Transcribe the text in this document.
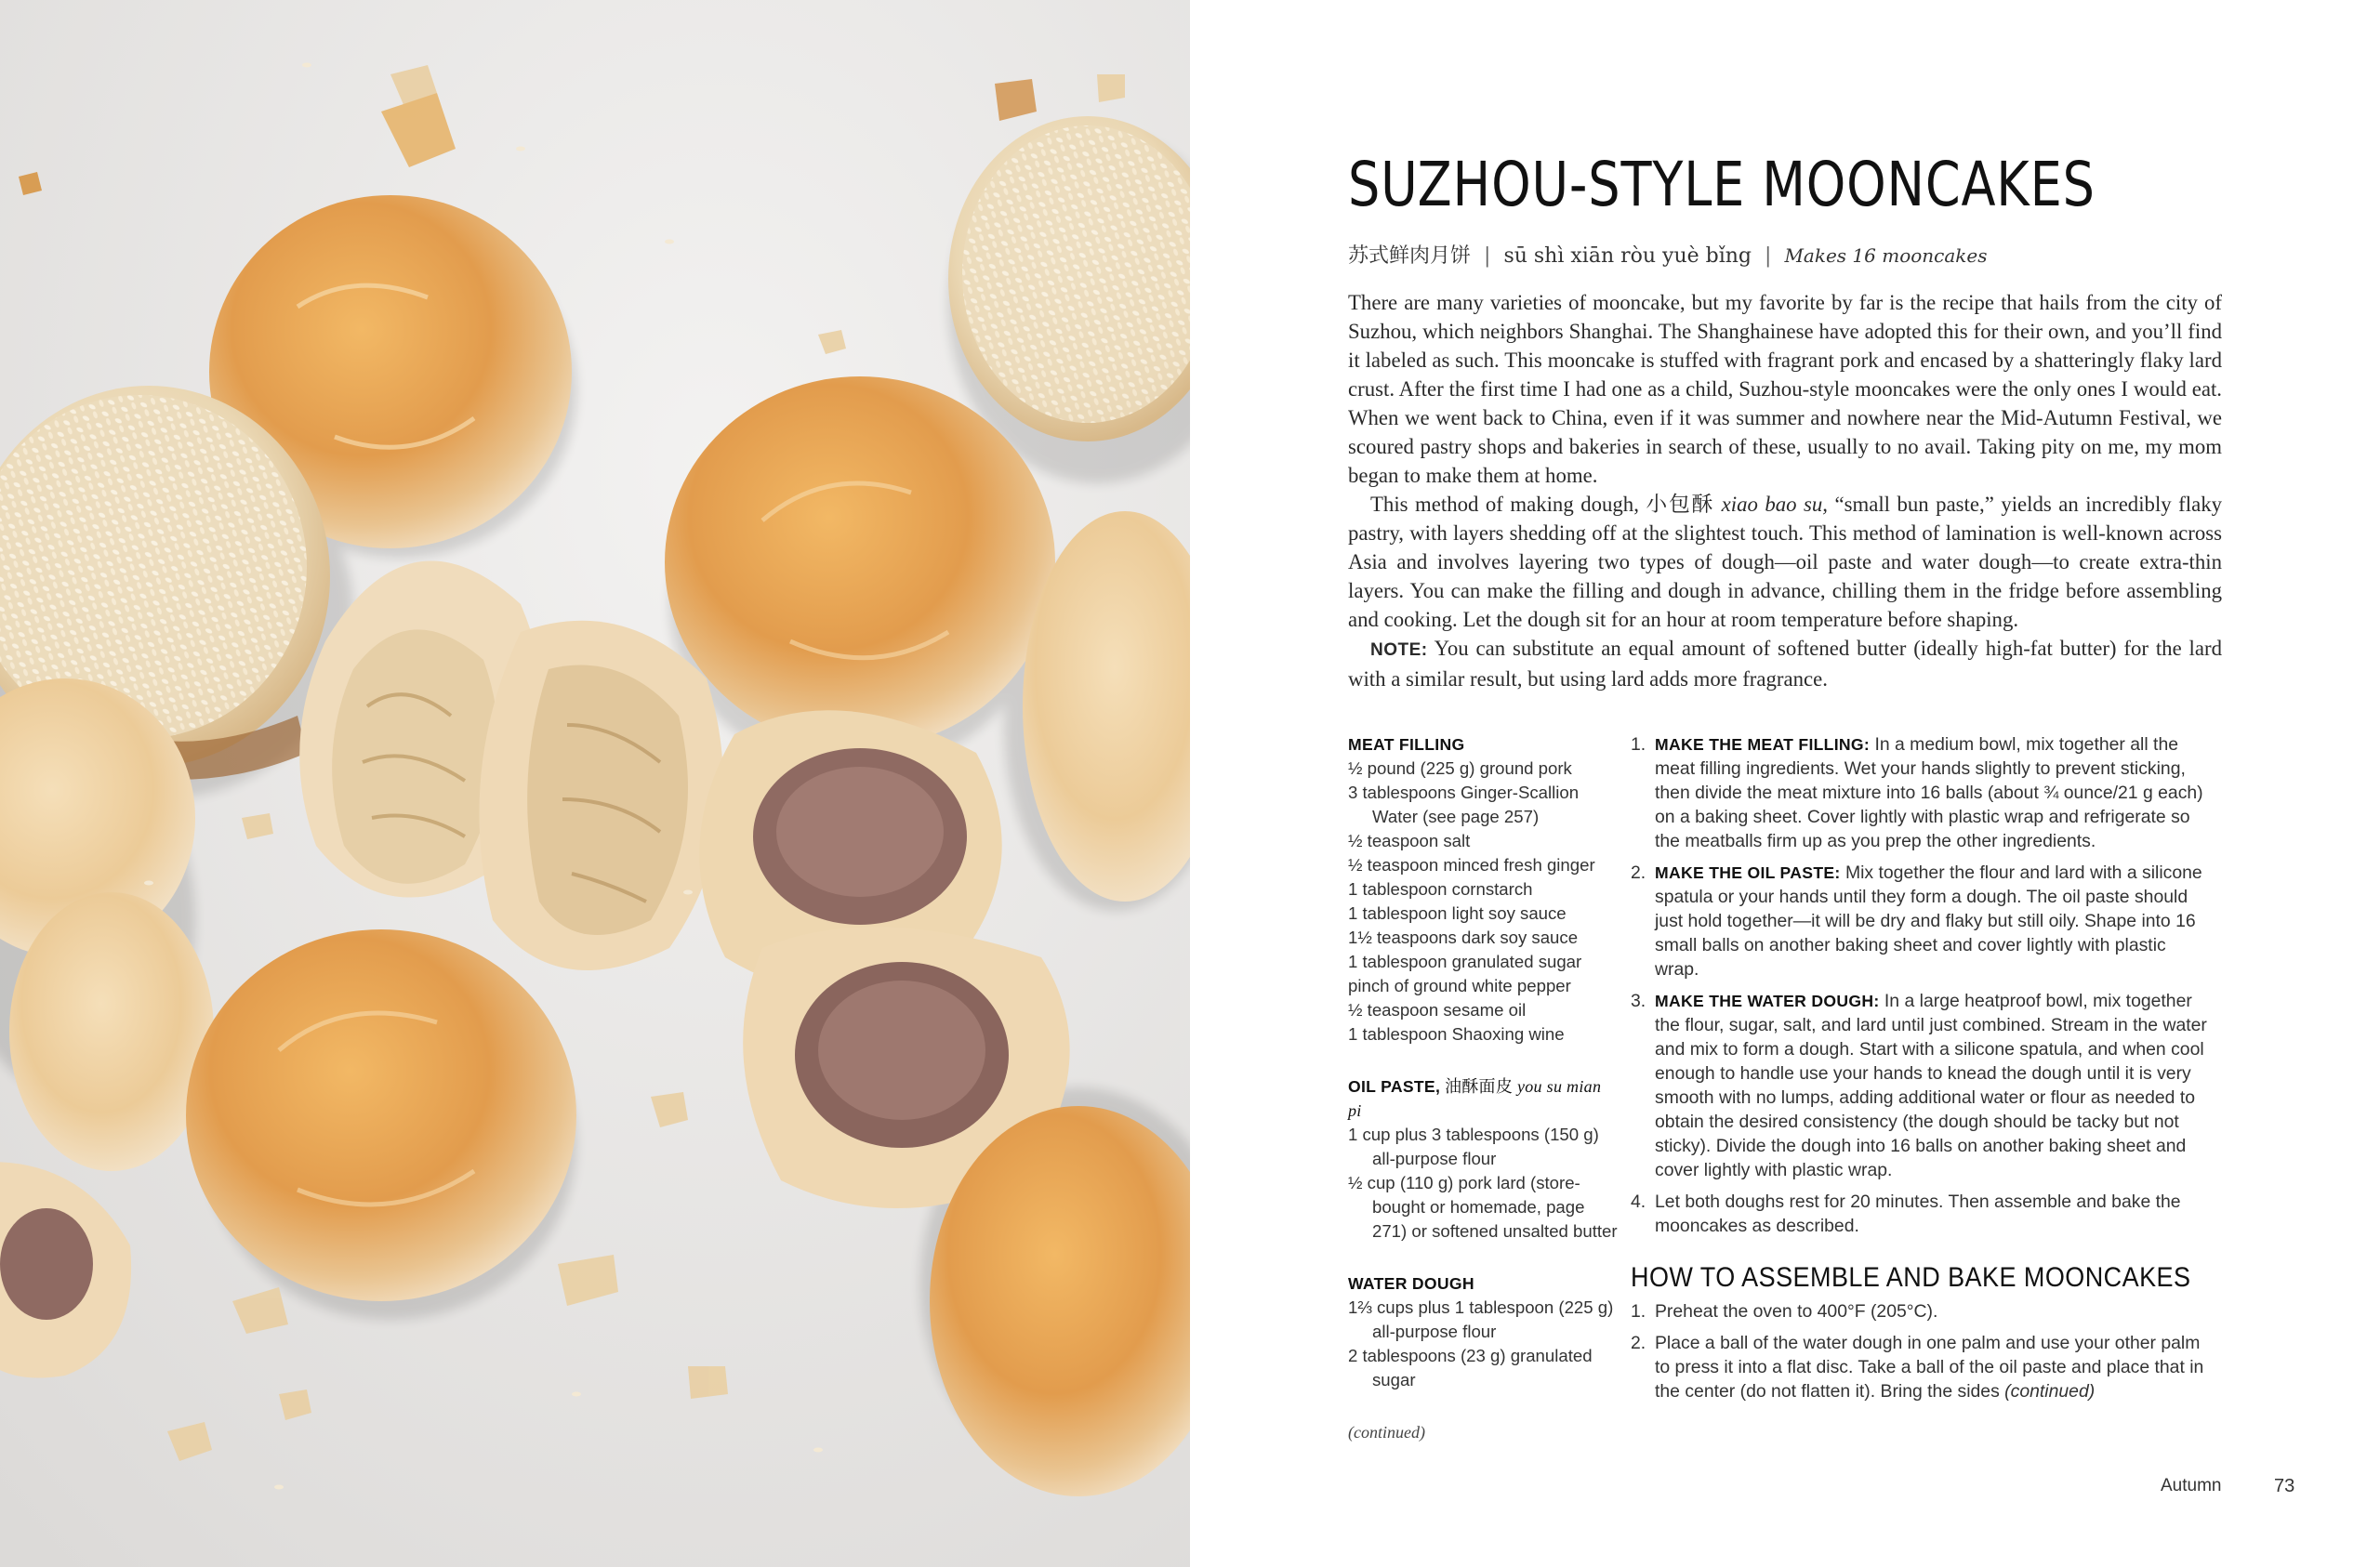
SUZHOU-STYLE MOONCAKES
苏式鲜肉月饼 | sū shì xiān ròu yuè bǐng | Makes 16 mooncakes

There are many varieties of mooncake, but my favorite by far is the recipe that hails from the city of Suzhou, which neighbors Shanghai. The Shanghainese have adopted this for their own, and you’ll find it labeled as such. This mooncake is stuffed with fragrant pork and encased by a shatteringly flaky lard crust. After the first time I had one as a child, Suzhou-style mooncakes were the only ones I would eat. When we went back to China, even if it was summer and nowhere near the Mid-Autumn Festival, we scoured pastry shops and bakeries in search of these, usually to no avail. Taking pity on me, my mom began to make them at home.

This method of making dough, 小包酥 xiao bao su, “small bun paste,” yields an incredibly flaky pastry, with layers shedding off at the slightest touch. This method of lamination is well-known across Asia and involves layering two types of dough—oil paste and water dough—to create extra-thin layers. You can make the filling and dough in advance, chilling them in the fridge before assembling and cooking. Let the dough sit for an hour at room temperature before shaping.

NOTE: You can substitute an equal amount of softened butter (ideally high-fat butter) for the lard with a similar result, but using lard adds more fragrance.

MEAT FILLING
½ pound (225 g) ground pork
3 tablespoons Ginger-Scallion Water (see page 257)
½ teaspoon salt
½ teaspoon minced fresh ginger
1 tablespoon cornstarch
1 tablespoon light soy sauce
1½ teaspoons dark soy sauce
1 tablespoon granulated sugar
pinch of ground white pepper
½ teaspoon sesame oil
1 tablespoon Shaoxing wine
OIL PASTE, 油酥面皮 you su mian pi
1 cup plus 3 tablespoons (150 g) all-purpose flour
½ cup (110 g) pork lard (store-bought or homemade, page 271) or softened unsalted butter
WATER DOUGH
1⅔ cups plus 1 tablespoon (225 g) all-purpose flour
2 tablespoons (23 g) granulated sugar
(continued)
1. MAKE THE MEAT FILLING: In a medium bowl, mix together all the meat filling ingredients. Wet your hands slightly to prevent sticking, then divide the meat mixture into 16 balls (about ¾ ounce/21 g each) on a baking sheet. Cover lightly with plastic wrap and refrigerate so the meatballs firm up as you prep the other ingredients.
2. MAKE THE OIL PASTE: Mix together the flour and lard with a silicone spatula or your hands until they form a dough. The oil paste should just hold together—it will be dry and flaky but still oily. Shape into 16 small balls on another baking sheet and cover lightly with plastic wrap.
3. MAKE THE WATER DOUGH: In a large heatproof bowl, mix together the flour, sugar, salt, and lard until just combined. Stream in the water and mix to form a dough. Start with a silicone spatula, and when cool enough to handle use your hands to knead the dough until it is very smooth with no lumps, adding additional water or flour as needed to obtain the desired consistency (the dough should be tacky but not sticky). Divide the dough into 16 balls on another baking sheet and cover lightly with plastic wrap.
4. Let both doughs rest for 20 minutes. Then assemble and bake the mooncakes as described.
HOW TO ASSEMBLE AND BAKE MOONCAKES
1. Preheat the oven to 400°F (205°C).
2. Place a ball of the water dough in one palm and use your other palm to press it into a flat disc. Take a ball of the oil paste and place that in the center (do not flatten it). Bring the sides (continued)
Autumn	73
